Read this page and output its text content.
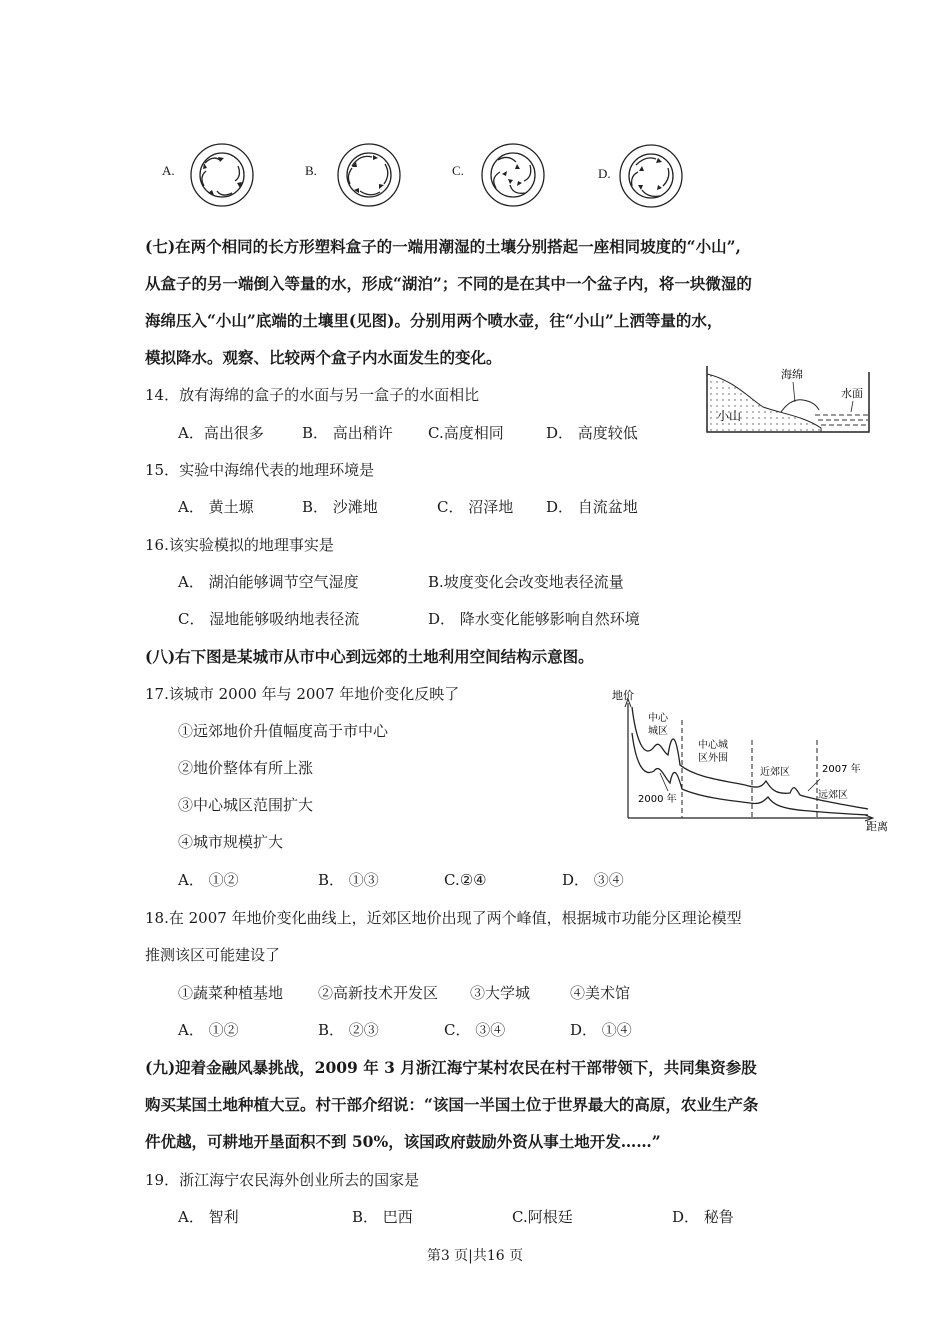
A.	B.	C.	D.
(七)在两个相同的长方形塑料盒子的一端用潮湿的土壤分别搭起一座相同坡度的“小山”,
从盒子的另一端倒入等量的水，形成“湖泊”；不同的是在其中一个盆子内，将一块微湿的
海绵压入“小山”底端的土壤里(见图)。分别用两个喷水壶，往“小山”上洒等量的水，
模拟降水。观察、比较两个盒子内水面发生的变化。
海绵
水面
小山
14．放有海绵的盒子的水面与另一盒子的水面相比
A．高出很多	B． 高出稍许 C.高度相同	D． 高度较低
15．实验中海绵代表的地理环境是
A． 黄土塬	B． 沙滩地	C． 沼泽地 D． 自流盆地
16.该实验模拟的地理事实是
A． 湖泊能够调节空气湿度	B.坡度变化会改变地表径流量
C． 湿地能够吸纳地表径流	D． 降水变化能够影响自然环境
(八)右下图是某城市从市中心到远郊的土地利用空间结构示意图。
17.该城市 2000 年与 2007 年地价变化反映了
①远郊地价升值幅度高于市中心
②地价整体有所上涨
③中心城区范围扩大
④城市规模扩大
A． ①②	B． ①③	C.②④	D． ③④
地价
距离
中心
城区
中心城
区外围
近郊区
远郊区
2007 年
2000 年
18.在 2007 年地价变化曲线上，近郊区地价出现了两个峰值，根据城市功能分区理论模型
推测该区可能建设了
①蔬菜种植基地 ②高新技术开发区 ③大学城	④美术馆
A． ①②	B． ②③	C． ③④	D． ①④
(九)迎着金融风暴挑战，2009 年 3 月浙江海宁某村农民在村干部带领下，共同集资参股
购买某国土地种植大豆。村干部介绍说：“该国一半国土位于世界最大的高原，农业生产条
件优越，可耕地开垦面积不到 50%，该国政府鼓励外资从事土地开发……”
19．浙江海宁农民海外创业所去的国家是
A． 智利	B． 巴西	C.阿根廷	D． 秘鲁
第3 页|共16 页
